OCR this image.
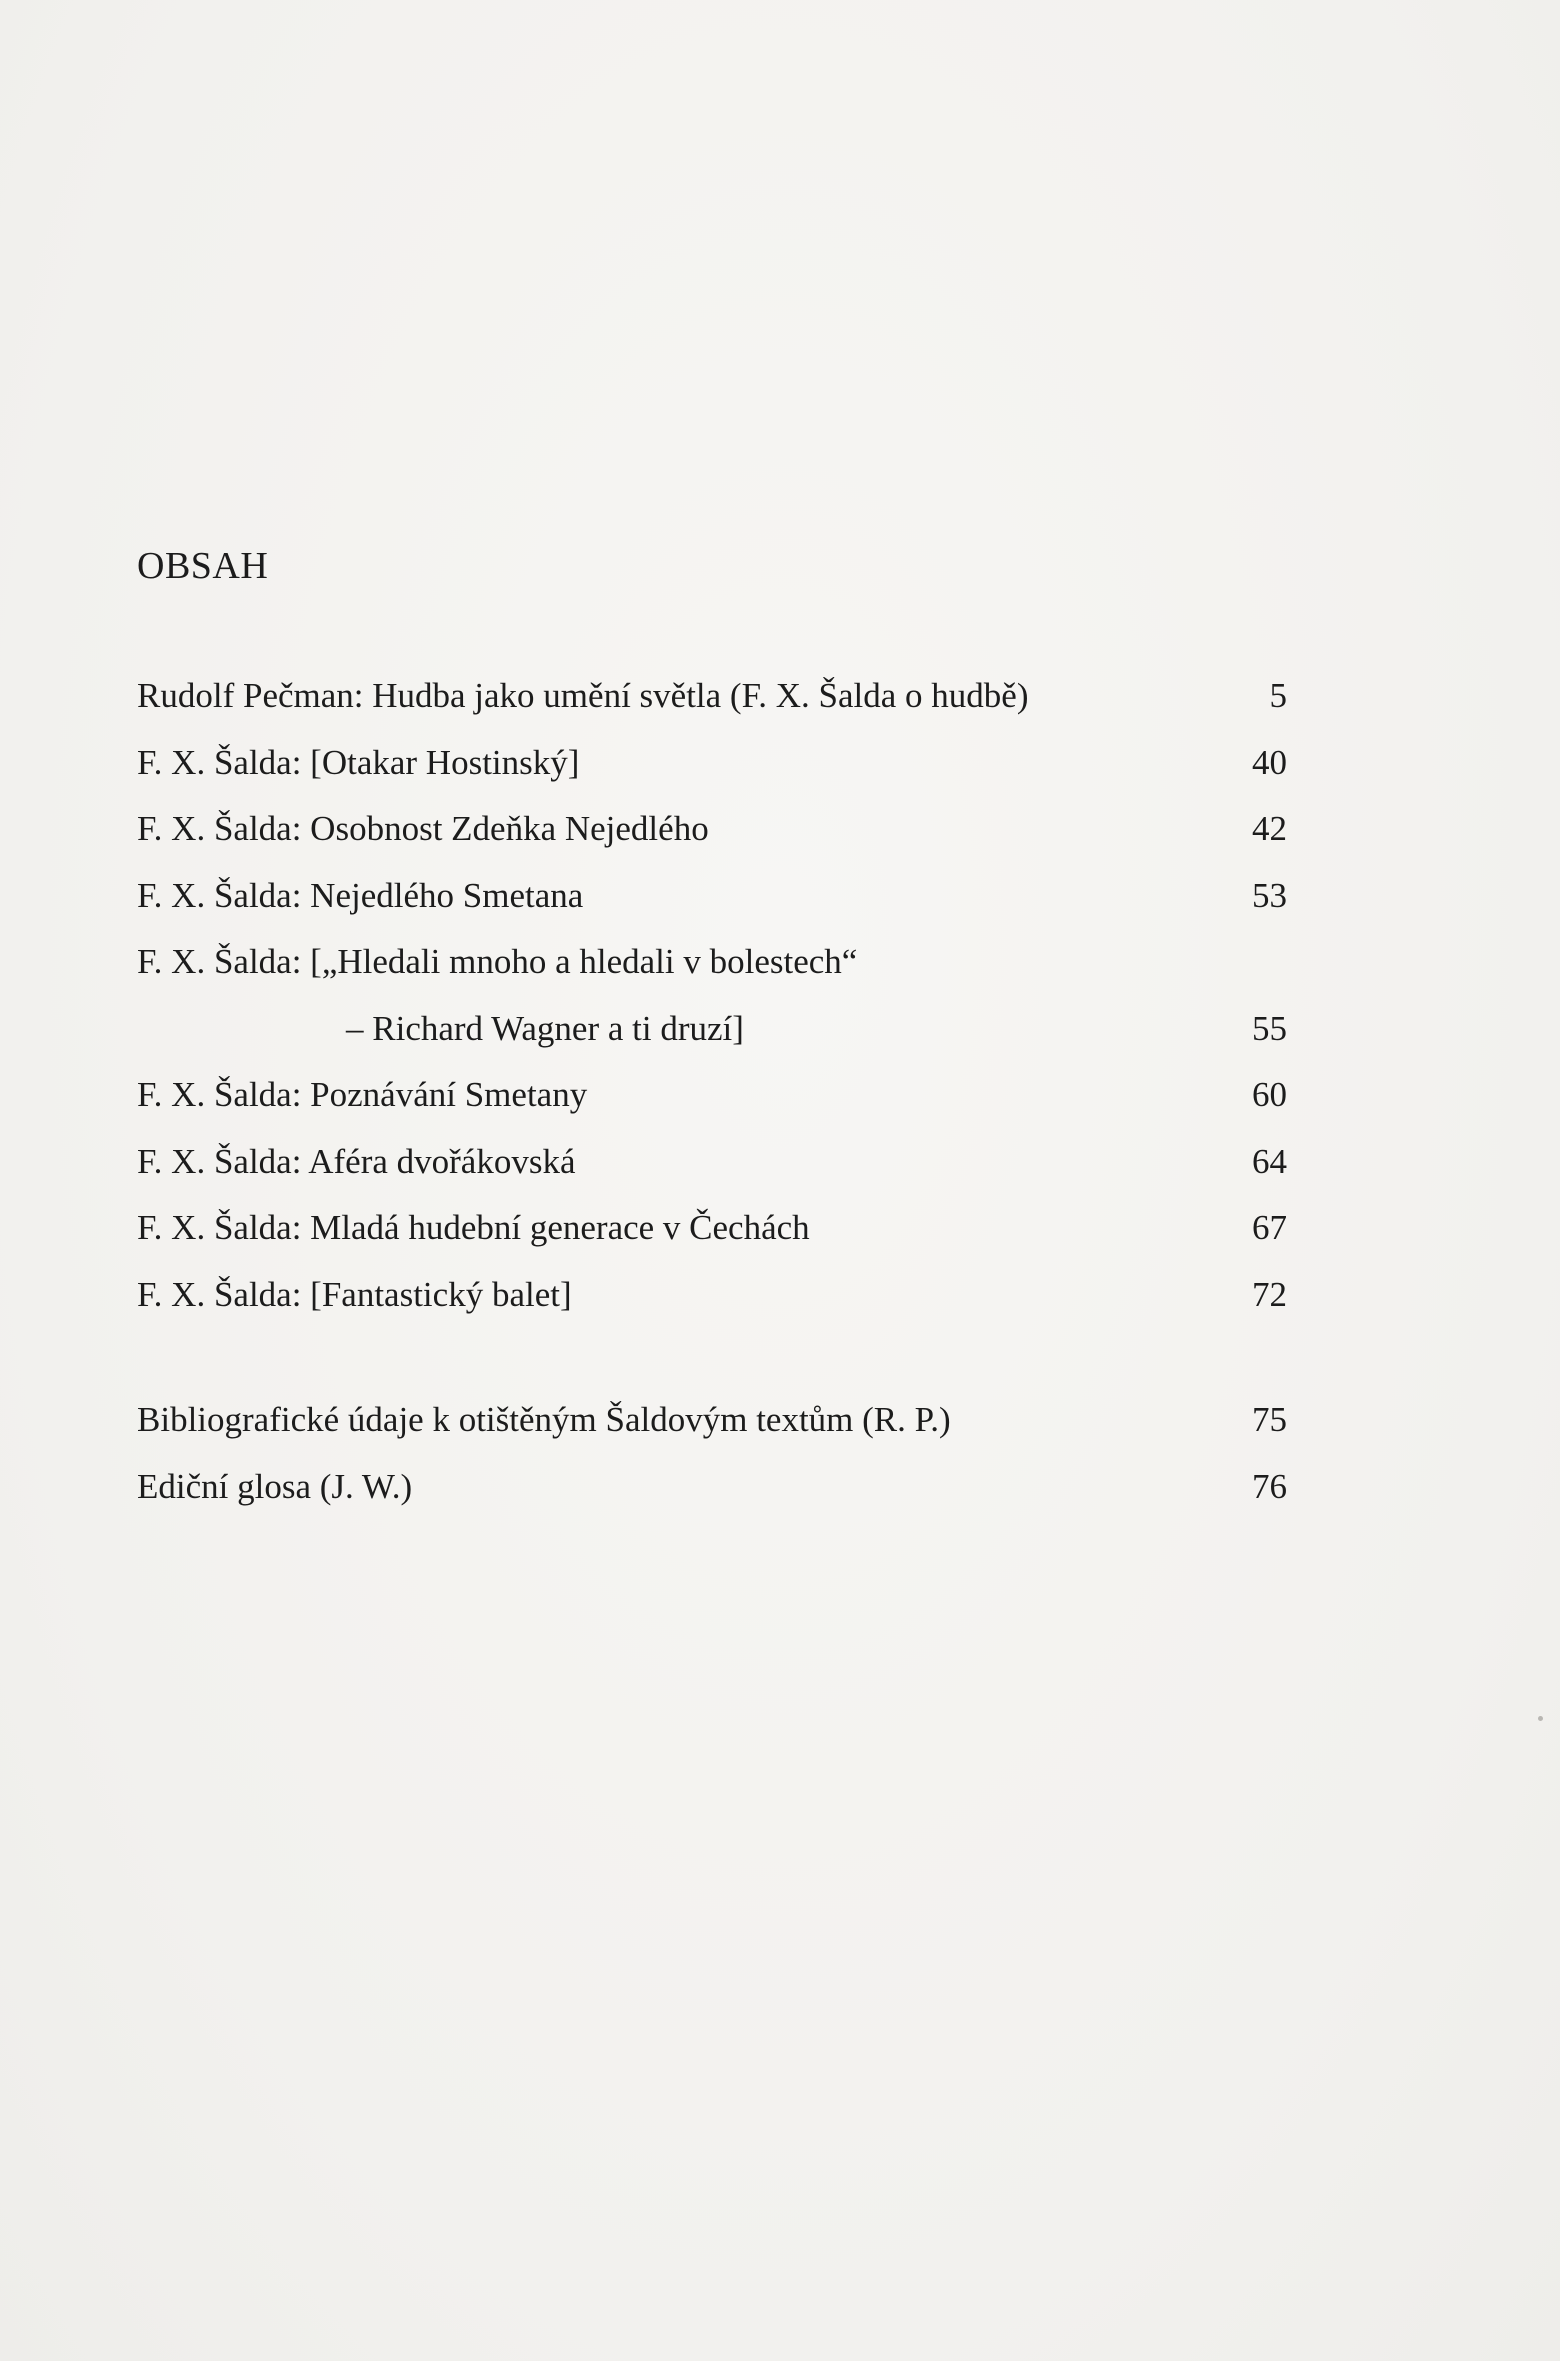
OBSAH
Rudolf Pečman: Hudba jako umění světla (F. X. Šalda o hudbě)	5
F. X. Šalda: [Otakar Hostinský]	40
F. X. Šalda: Osobnost Zdeňka Nejedlého	42
F. X. Šalda: Nejedlého Smetana	53
F. X. Šalda: [„Hledali mnoho a hledali v bolestech“
– Richard Wagner a ti druzí]	55
F. X. Šalda: Poznávání Smetany	60
F. X. Šalda: Aféra dvořákovská	64
F. X. Šalda: Mladá hudební generace v Čechách	67
F. X. Šalda: [Fantastický balet]	72
Bibliografické údaje k otištěným Šaldovým textům (R. P.)	75
Ediční glosa (J. W.)	76
